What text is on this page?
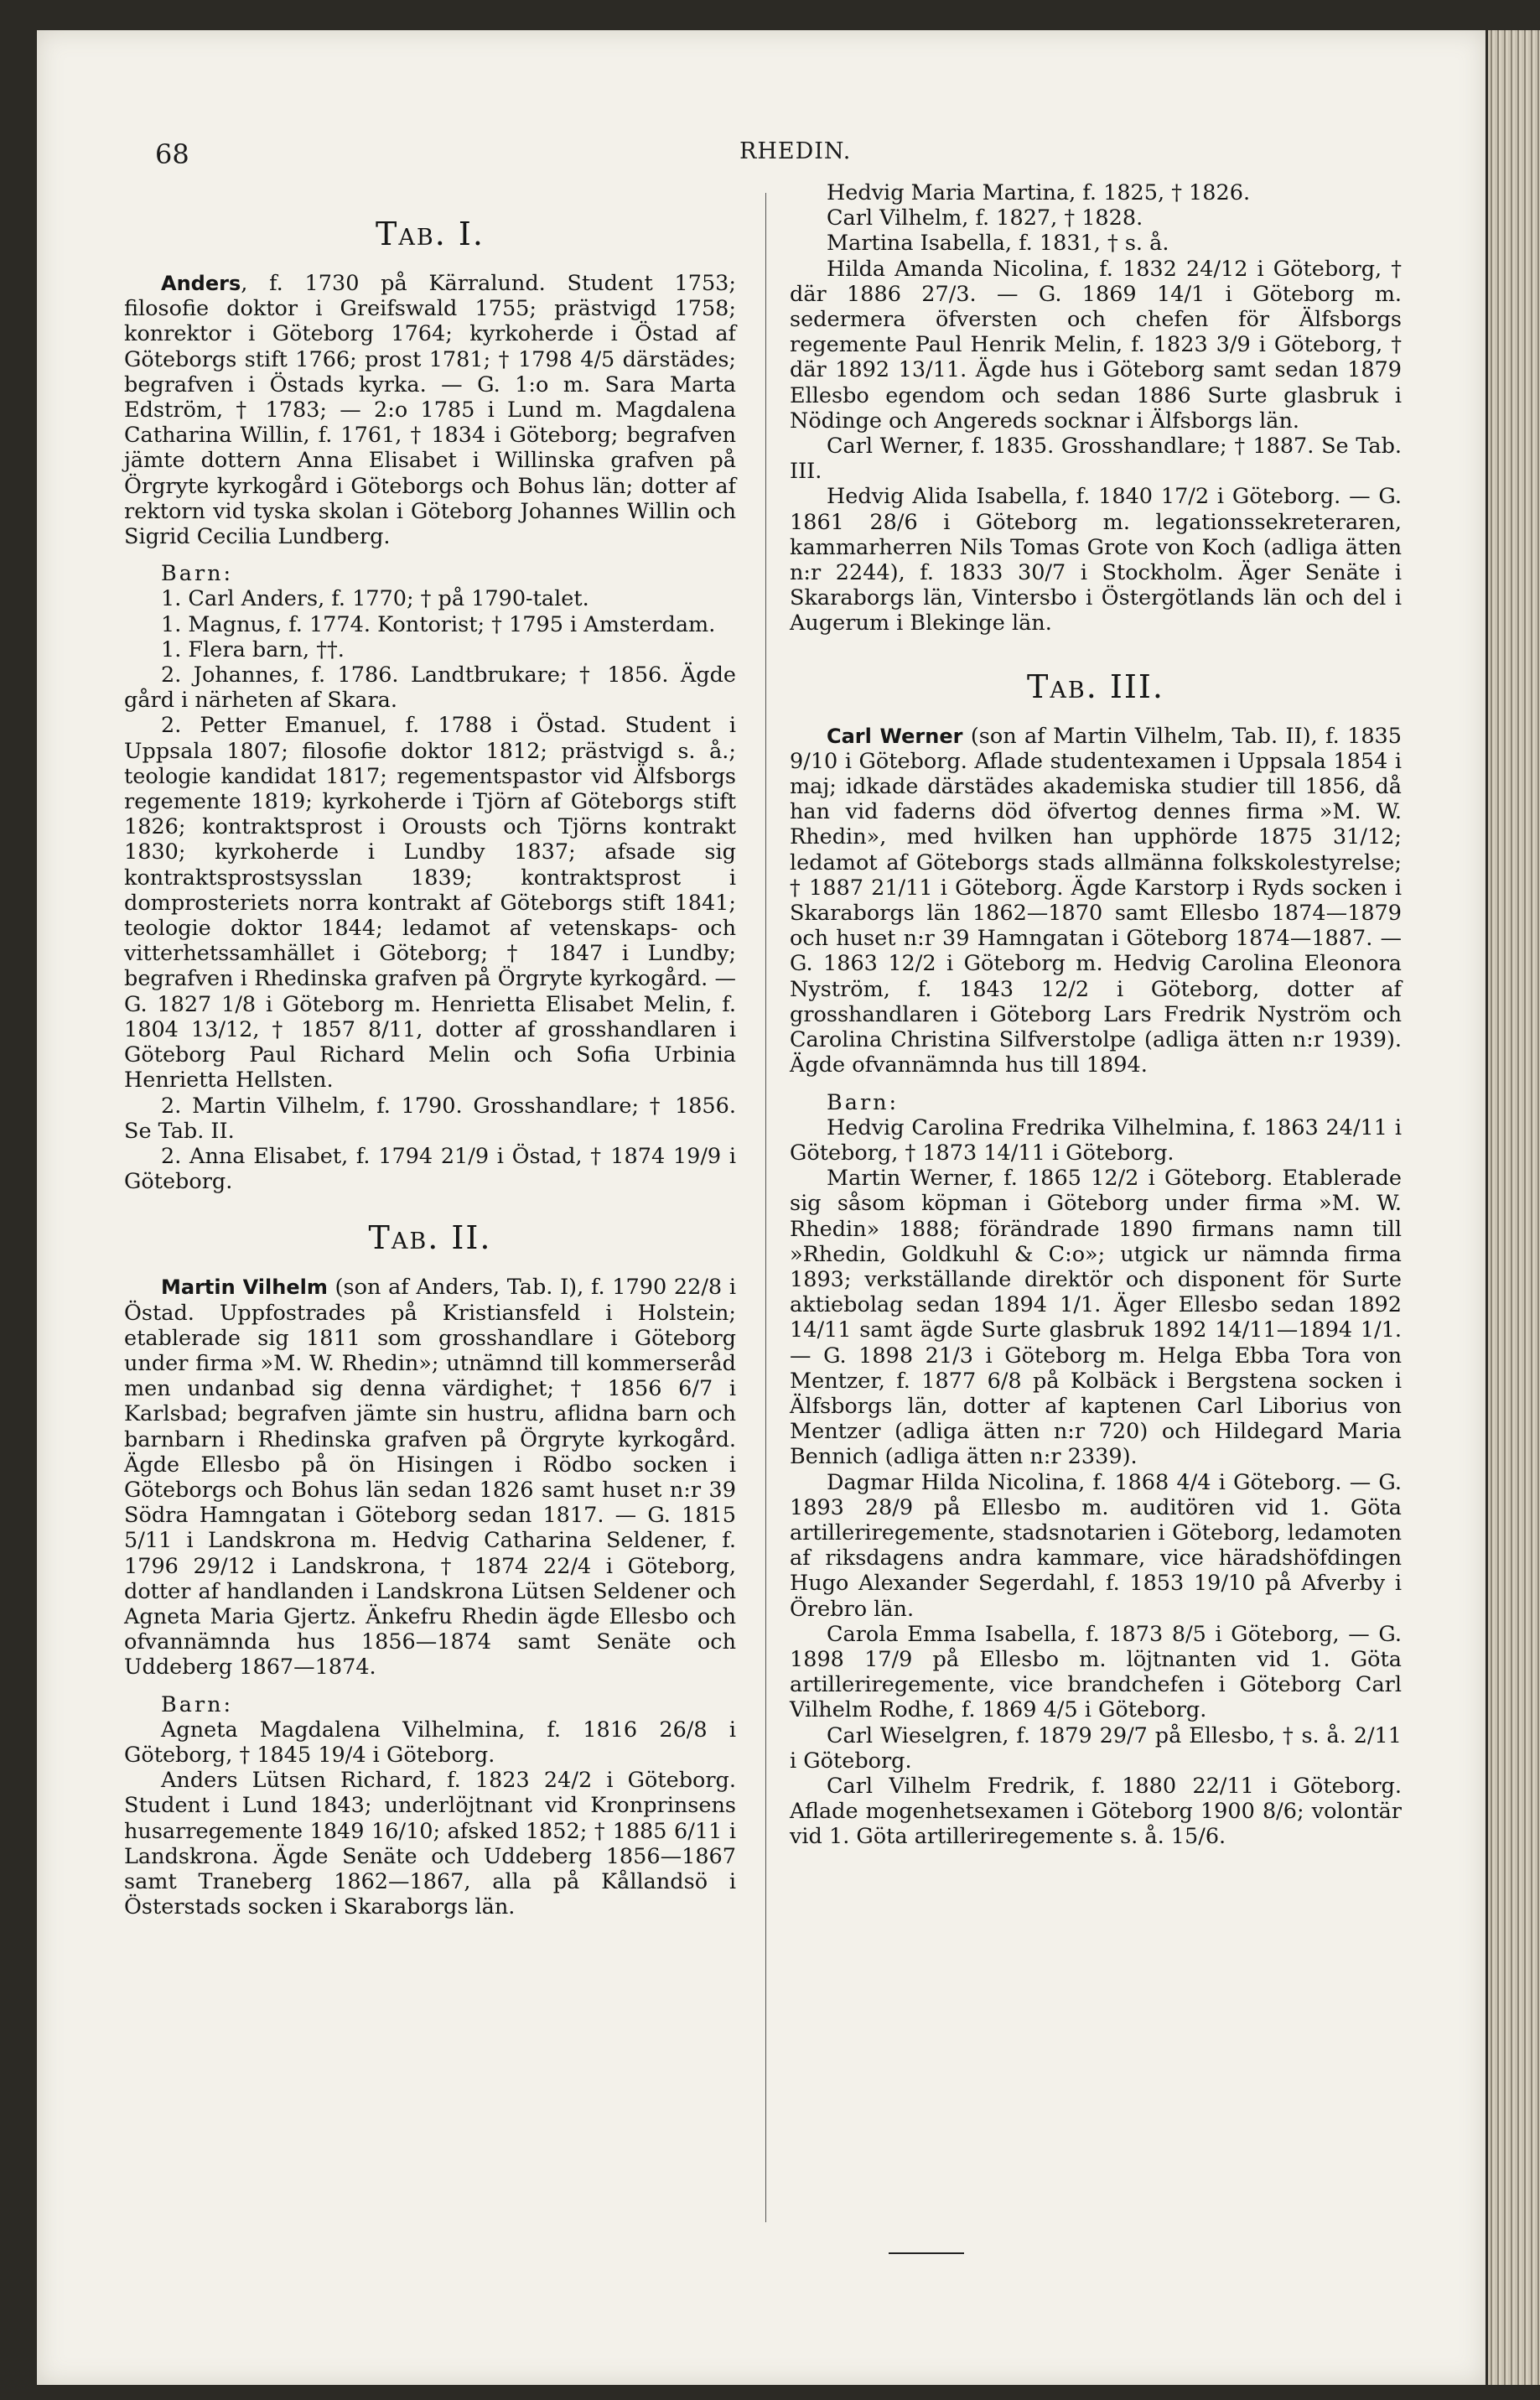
68	RHEDIN.
Tab. I.

Anders, f. 1730 på Kärralund. Student 1753; filosofie doktor i Greifswald 1755; prästvigd 1758; konrektor i Göteborg 1764; kyrkoherde i Östad af Göteborgs stift 1766; prost 1781; † 1798 4/5 därstädes; begrafven i Östads kyrka. — G. 1:o m. Sara Marta Edström, † 1783; — 2:o 1785 i Lund m. Magdalena Catharina Willin, f. 1761, † 1834 i Göteborg; begrafven jämte dottern Anna Elisabet i Willinska grafven på Örgryte kyrkogård i Göteborgs och Bohus län; dotter af rektorn vid tyska skolan i Göteborg Johannes Willin och Sigrid Cecilia Lundberg.

Barn:

1. Carl Anders, f. 1770; † på 1790-talet.

1. Magnus, f. 1774. Kontorist; † 1795 i Amsterdam.

1. Flera barn, ††.

2. Johannes, f. 1786. Landtbrukare; † 1856. Ägde gård i närheten af Skara.

2. Petter Emanuel, f. 1788 i Östad. Student i Uppsala 1807; filosofie doktor 1812; prästvigd s. å.; teologie kandidat 1817; regementspastor vid Älfsborgs regemente 1819; kyrkoherde i Tjörn af Göteborgs stift 1826; kontraktsprost i Orousts och Tjörns kontrakt 1830; kyrkoherde i Lundby 1837; afsade sig kontraktsprostsysslan 1839; kontraktsprost i domprosteriets norra kontrakt af Göteborgs stift 1841; teologie doktor 1844; ledamot af vetenskaps- och vitterhetssamhället i Göteborg; † 1847 i Lundby; begrafven i Rhedinska grafven på Örgryte kyrkogård. — G. 1827 1/8 i Göteborg m. Henrietta Elisabet Melin, f. 1804 13/12, † 1857 8/11, dotter af grosshandlaren i Göteborg Paul Richard Melin och Sofia Urbinia Henrietta Hellsten.

2. Martin Vilhelm, f. 1790. Grosshandlare; † 1856. Se Tab. II.

2. Anna Elisabet, f. 1794 21/9 i Östad, † 1874 19/9 i Göteborg.

Tab. II.

Martin Vilhelm (son af Anders, Tab. I), f. 1790 22/8 i Östad. Uppfostrades på Kristiansfeld i Holstein; etablerade sig 1811 som grosshandlare i Göteborg under firma »M. W. Rhedin»; utnämnd till kommerseråd men undanbad sig denna värdighet; † 1856 6/7 i Karlsbad; begrafven jämte sin hustru, aflidna barn och barnbarn i Rhedinska grafven på Örgryte kyrkogård. Ägde Ellesbo på ön Hisingen i Rödbo socken i Göteborgs och Bohus län sedan 1826 samt huset n:r 39 Södra Hamngatan i Göteborg sedan 1817. — G. 1815 5/11 i Landskrona m. Hedvig Catharina Seldener, f. 1796 29/12 i Landskrona, † 1874 22/4 i Göteborg, dotter af handlanden i Landskrona Lütsen Seldener och Agneta Maria Gjertz. Änkefru Rhedin ägde Ellesbo och ofvannämnda hus 1856—1874 samt Senäte och Uddeberg 1867—1874.

Barn:

Agneta Magdalena Vilhelmina, f. 1816 26/8 i Göteborg, † 1845 19/4 i Göteborg.

Anders Lütsen Richard, f. 1823 24/2 i Göteborg. Student i Lund 1843; underlöjtnant vid Kronprinsens husarregemente 1849 16/10; afsked 1852; † 1885 6/11 i Landskrona. Ägde Senäte och Uddeberg 1856—1867 samt Traneberg 1862—1867, alla på Kållandsö i Österstads socken i Skaraborgs län.

Hedvig Maria Martina, f. 1825, † 1826.

Carl Vilhelm, f. 1827, † 1828.

Martina Isabella, f. 1831, † s. å.

Hilda Amanda Nicolina, f. 1832 24/12 i Göteborg, † där 1886 27/3. — G. 1869 14/1 i Göteborg m. sedermera öfversten och chefen för Älfsborgs regemente Paul Henrik Melin, f. 1823 3/9 i Göteborg, † där 1892 13/11. Ägde hus i Göteborg samt sedan 1879 Ellesbo egendom och sedan 1886 Surte glasbruk i Nödinge och Angereds socknar i Älfsborgs län.

Carl Werner, f. 1835. Grosshandlare; † 1887. Se Tab. III.

Hedvig Alida Isabella, f. 1840 17/2 i Göteborg. — G. 1861 28/6 i Göteborg m. legationssekreteraren, kammarherren Nils Tomas Grote von Koch (adliga ätten n:r 2244), f. 1833 30/7 i Stockholm. Äger Senäte i Skaraborgs län, Vintersbo i Östergötlands län och del i Augerum i Blekinge län.

Tab. III.

Carl Werner (son af Martin Vilhelm, Tab. II), f. 1835 9/10 i Göteborg. Aflade studentexamen i Uppsala 1854 i maj; idkade därstädes akademiska studier till 1856, då han vid faderns död öfvertog dennes firma »M. W. Rhedin», med hvilken han upphörde 1875 31/12; ledamot af Göteborgs stads allmänna folkskolestyrelse; † 1887 21/11 i Göteborg. Ägde Karstorp i Ryds socken i Skaraborgs län 1862—1870 samt Ellesbo 1874—1879 och huset n:r 39 Hamngatan i Göteborg 1874—1887. — G. 1863 12/2 i Göteborg m. Hedvig Carolina Eleonora Nyström, f. 1843 12/2 i Göteborg, dotter af grosshandlaren i Göteborg Lars Fredrik Nyström och Carolina Christina Silfverstolpe (adliga ätten n:r 1939). Ägde ofvannämnda hus till 1894.

Barn:

Hedvig Carolina Fredrika Vilhelmina, f. 1863 24/11 i Göteborg, † 1873 14/11 i Göteborg.

Martin Werner, f. 1865 12/2 i Göteborg. Etablerade sig såsom köpman i Göteborg under firma »M. W. Rhedin» 1888; förändrade 1890 firmans namn till »Rhedin, Goldkuhl & C:o»; utgick ur nämnda firma 1893; verkställande direktör och disponent för Surte aktiebolag sedan 1894 1/1. Äger Ellesbo sedan 1892 14/11 samt ägde Surte glasbruk 1892 14/11—1894 1/1. — G. 1898 21/3 i Göteborg m. Helga Ebba Tora von Mentzer, f. 1877 6/8 på Kolbäck i Bergstena socken i Älfsborgs län, dotter af kaptenen Carl Liborius von Mentzer (adliga ätten n:r 720) och Hildegard Maria Bennich (adliga ätten n:r 2339).

Dagmar Hilda Nicolina, f. 1868 4/4 i Göteborg. — G. 1893 28/9 på Ellesbo m. auditören vid 1. Göta artilleriregemente, stadsnotarien i Göteborg, ledamoten af riksdagens andra kammare, vice häradshöfdingen Hugo Alexander Segerdahl, f. 1853 19/10 på Afverby i Örebro län.

Carola Emma Isabella, f. 1873 8/5 i Göteborg, — G. 1898 17/9 på Ellesbo m. löjtnanten vid 1. Göta artilleriregemente, vice brandchefen i Göteborg Carl Vilhelm Rodhe, f. 1869 4/5 i Göteborg.

Carl Wieselgren, f. 1879 29/7 på Ellesbo, † s. å. 2/11 i Göteborg.

Carl Vilhelm Fredrik, f. 1880 22/11 i Göteborg. Aflade mogenhetsexamen i Göteborg 1900 8/6; volontär vid 1. Göta artilleriregemente s. å. 15/6.
